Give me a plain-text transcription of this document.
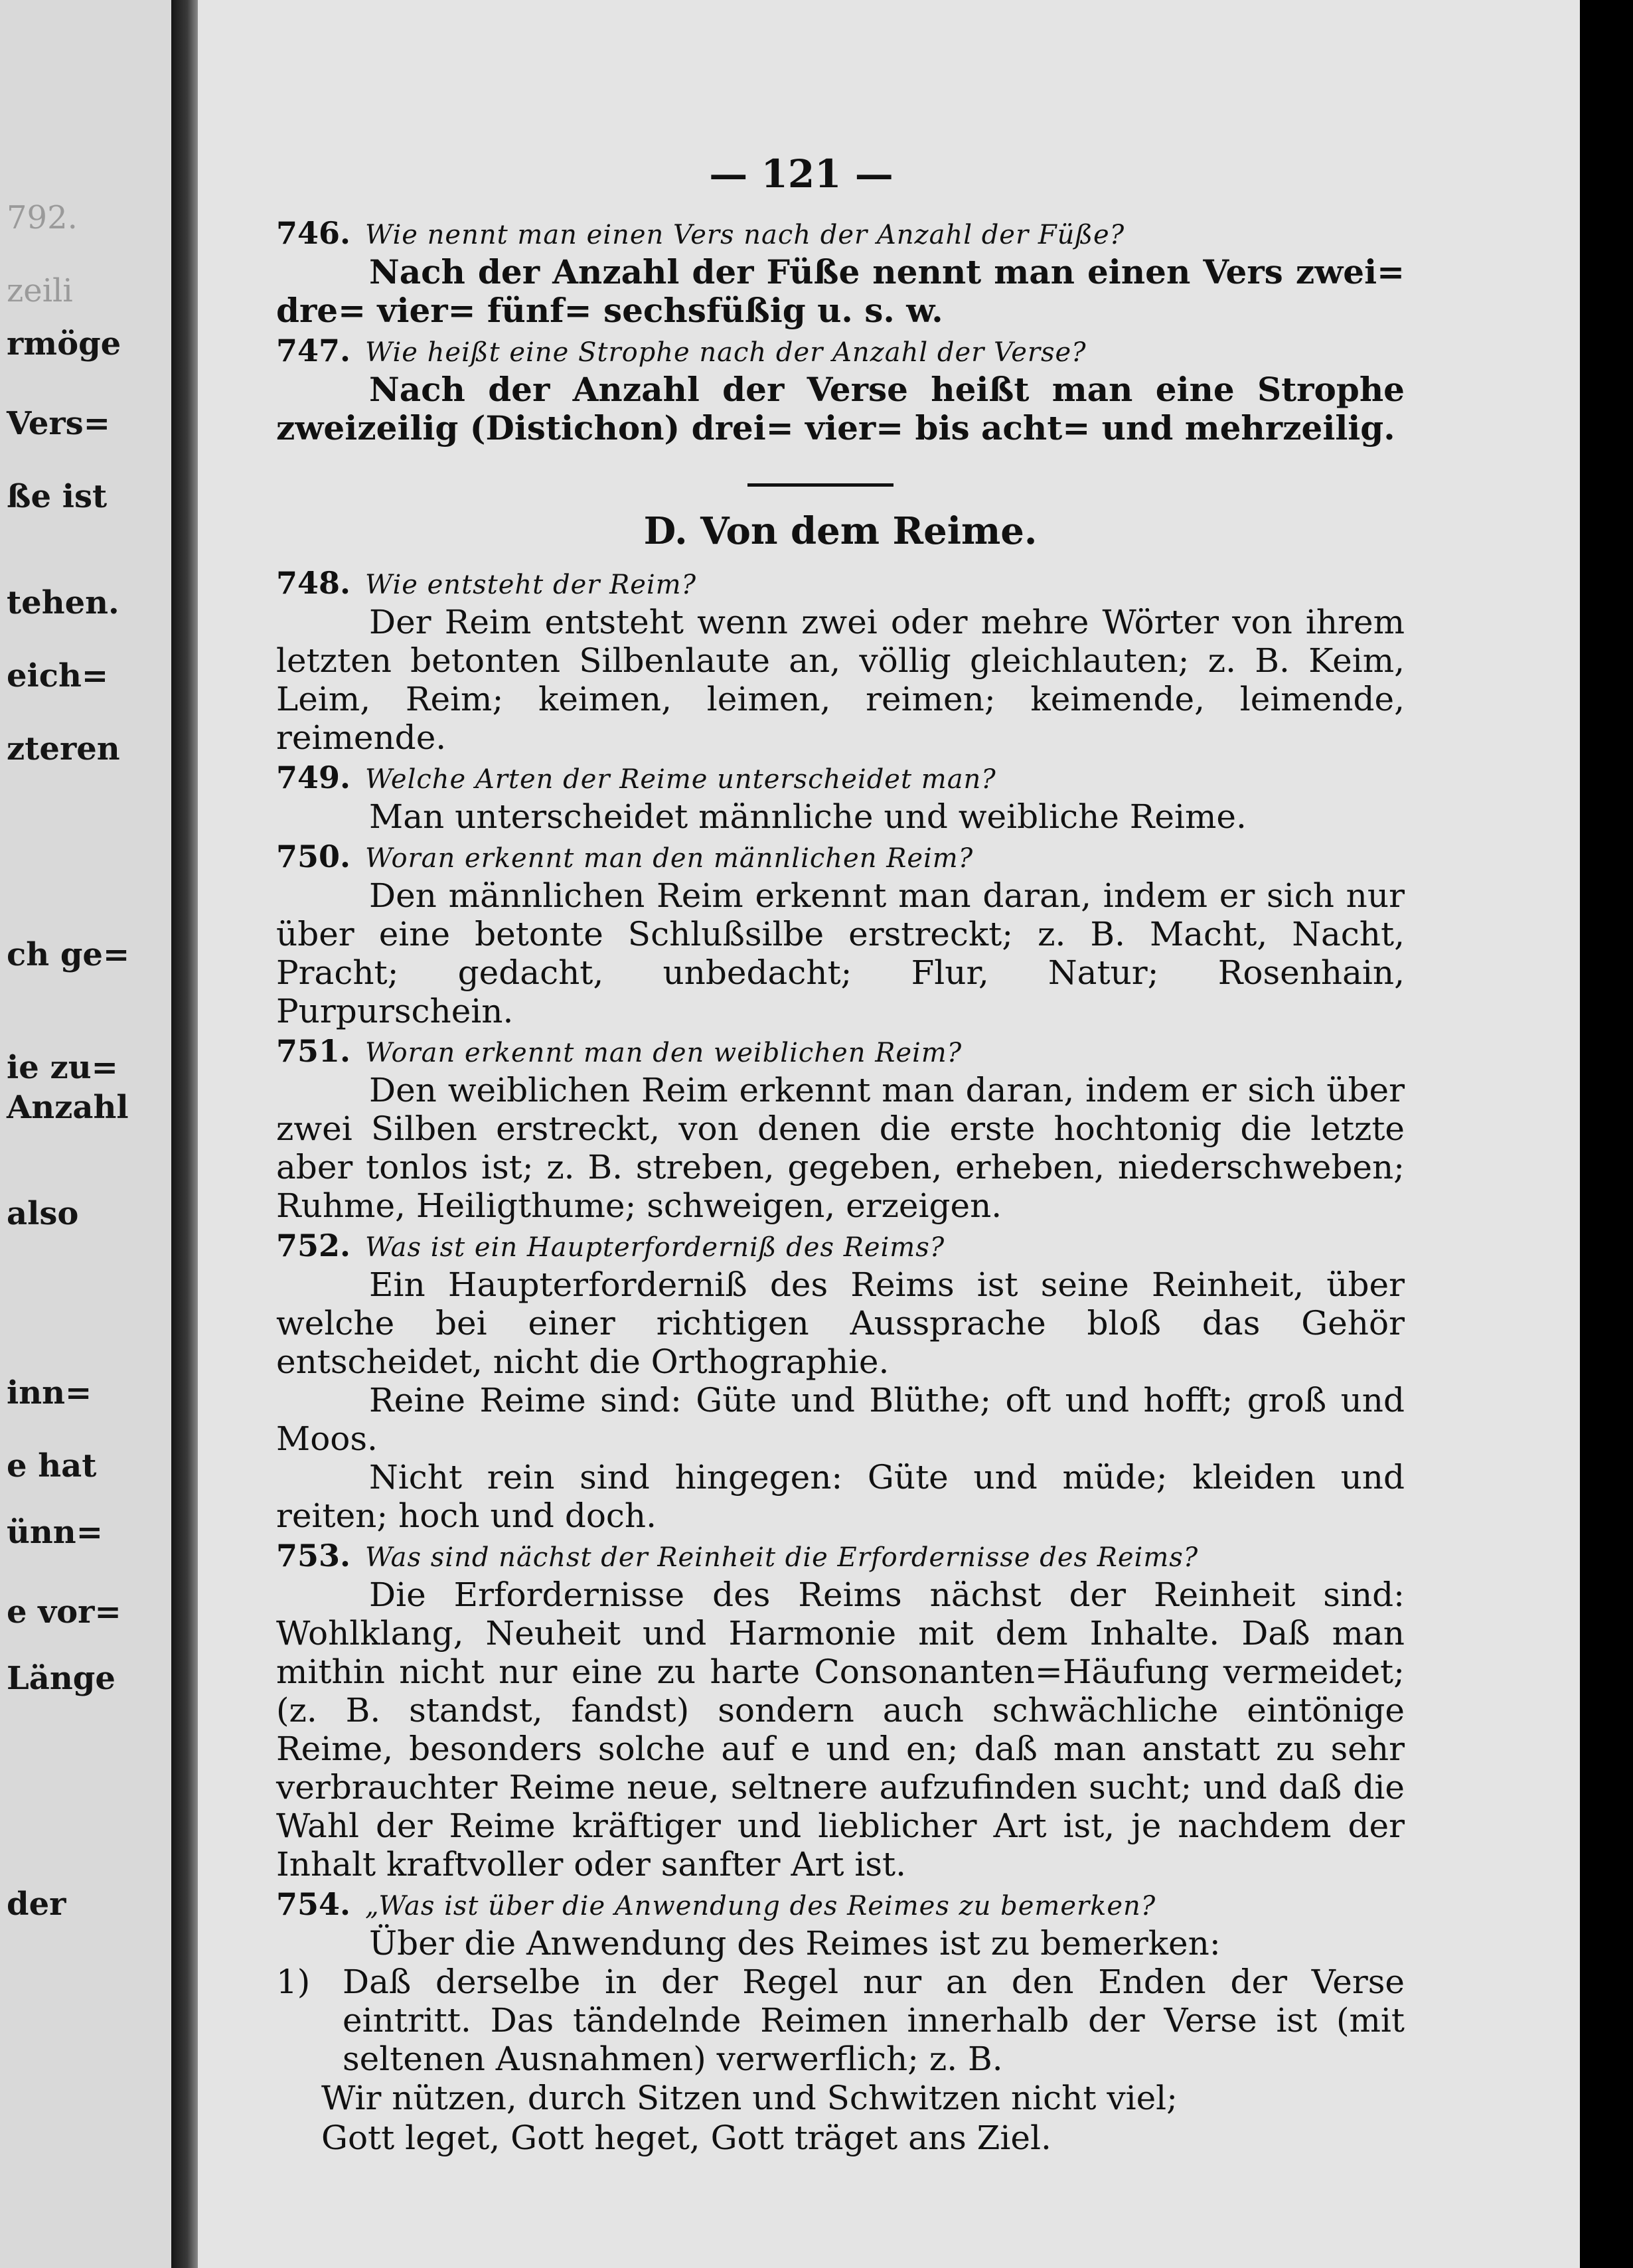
792.
zeili
rmöge
Vers=
ße ist
tehen.
eich=
zteren
ch ge=
ie zu=
Anzahl
also
inn=
e hat
ünn=
e vor=
Länge
der
— 121 —
746. Wie nennt man einen Vers nach der Anzahl der Füße?

Nach der Anzahl der Füße nennt man einen Vers zwei= dre= vier= fünf= sechsfüßig u. s. w.

747. Wie heißt eine Strophe nach der Anzahl der Verse?

Nach der Anzahl der Verse heißt man eine Strophe zweizeilig (Distichon) drei= vier= bis acht= und mehrzeilig.

D. Von dem Reime.
748. Wie entsteht der Reim?

Der Reim entsteht wenn zwei oder mehre Wörter von ihrem letzten betonten Silbenlaute an, völlig gleichlauten; z. B. Keim, Leim, Reim; keimen, leimen, reimen; keimende, leimende, reimende.

749. Welche Arten der Reime unterscheidet man?

Man unterscheidet männliche und weibliche Reime.

750. Woran erkennt man den männlichen Reim?

Den männlichen Reim erkennt man daran, indem er sich nur über eine betonte Schlußsilbe erstreckt; z. B. Macht, Nacht, Pracht; gedacht, unbedacht; Flur, Natur; Rosenhain, Purpurschein.

751. Woran erkennt man den weiblichen Reim?

Den weiblichen Reim erkennt man daran, indem er sich über zwei Silben erstreckt, von denen die erste hochtonig die letzte aber tonlos ist; z. B. streben, gegeben, erheben, niederschweben; Ruhme, Heiligthume; schweigen, erzeigen.

752. Was ist ein Haupterforderniß des Reims?

Ein Haupterforderniß des Reims ist seine Reinheit, über welche bei einer richtigen Aussprache bloß das Gehör entscheidet, nicht die Orthographie.

Reine Reime sind: Güte und Blüthe; oft und hofft; groß und Moos.

Nicht rein sind hingegen: Güte und müde; kleiden und reiten; hoch und doch.

753. Was sind nächst der Reinheit die Erfordernisse des Reims?

Die Erfordernisse des Reims nächst der Reinheit sind: Wohlklang, Neuheit und Harmonie mit dem Inhalte. Daß man mithin nicht nur eine zu harte Consonanten=Häufung vermeidet; (z. B. standst, fandst) sondern auch schwächliche eintönige Reime, besonders solche auf e und en; daß man anstatt zu sehr verbrauchter Reime neue, seltnere aufzufinden sucht; und daß die Wahl der Reime kräftiger und lieblicher Art ist, je nachdem der Inhalt kraftvoller oder sanfter Art ist.

754. „Was ist über die Anwendung des Reimes zu bemerken?

Über die Anwendung des Reimes ist zu bemerken:

1) Daß derselbe in der Regel nur an den Enden der Verse eintritt. Das tändelnde Reimen innerhalb der Verse ist (mit seltenen Ausnahmen) verwerflich; z. B.
Wir nützen, durch Sitzen und Schwitzen nicht viel;
Gott leget, Gott heget, Gott träget ans Ziel.
